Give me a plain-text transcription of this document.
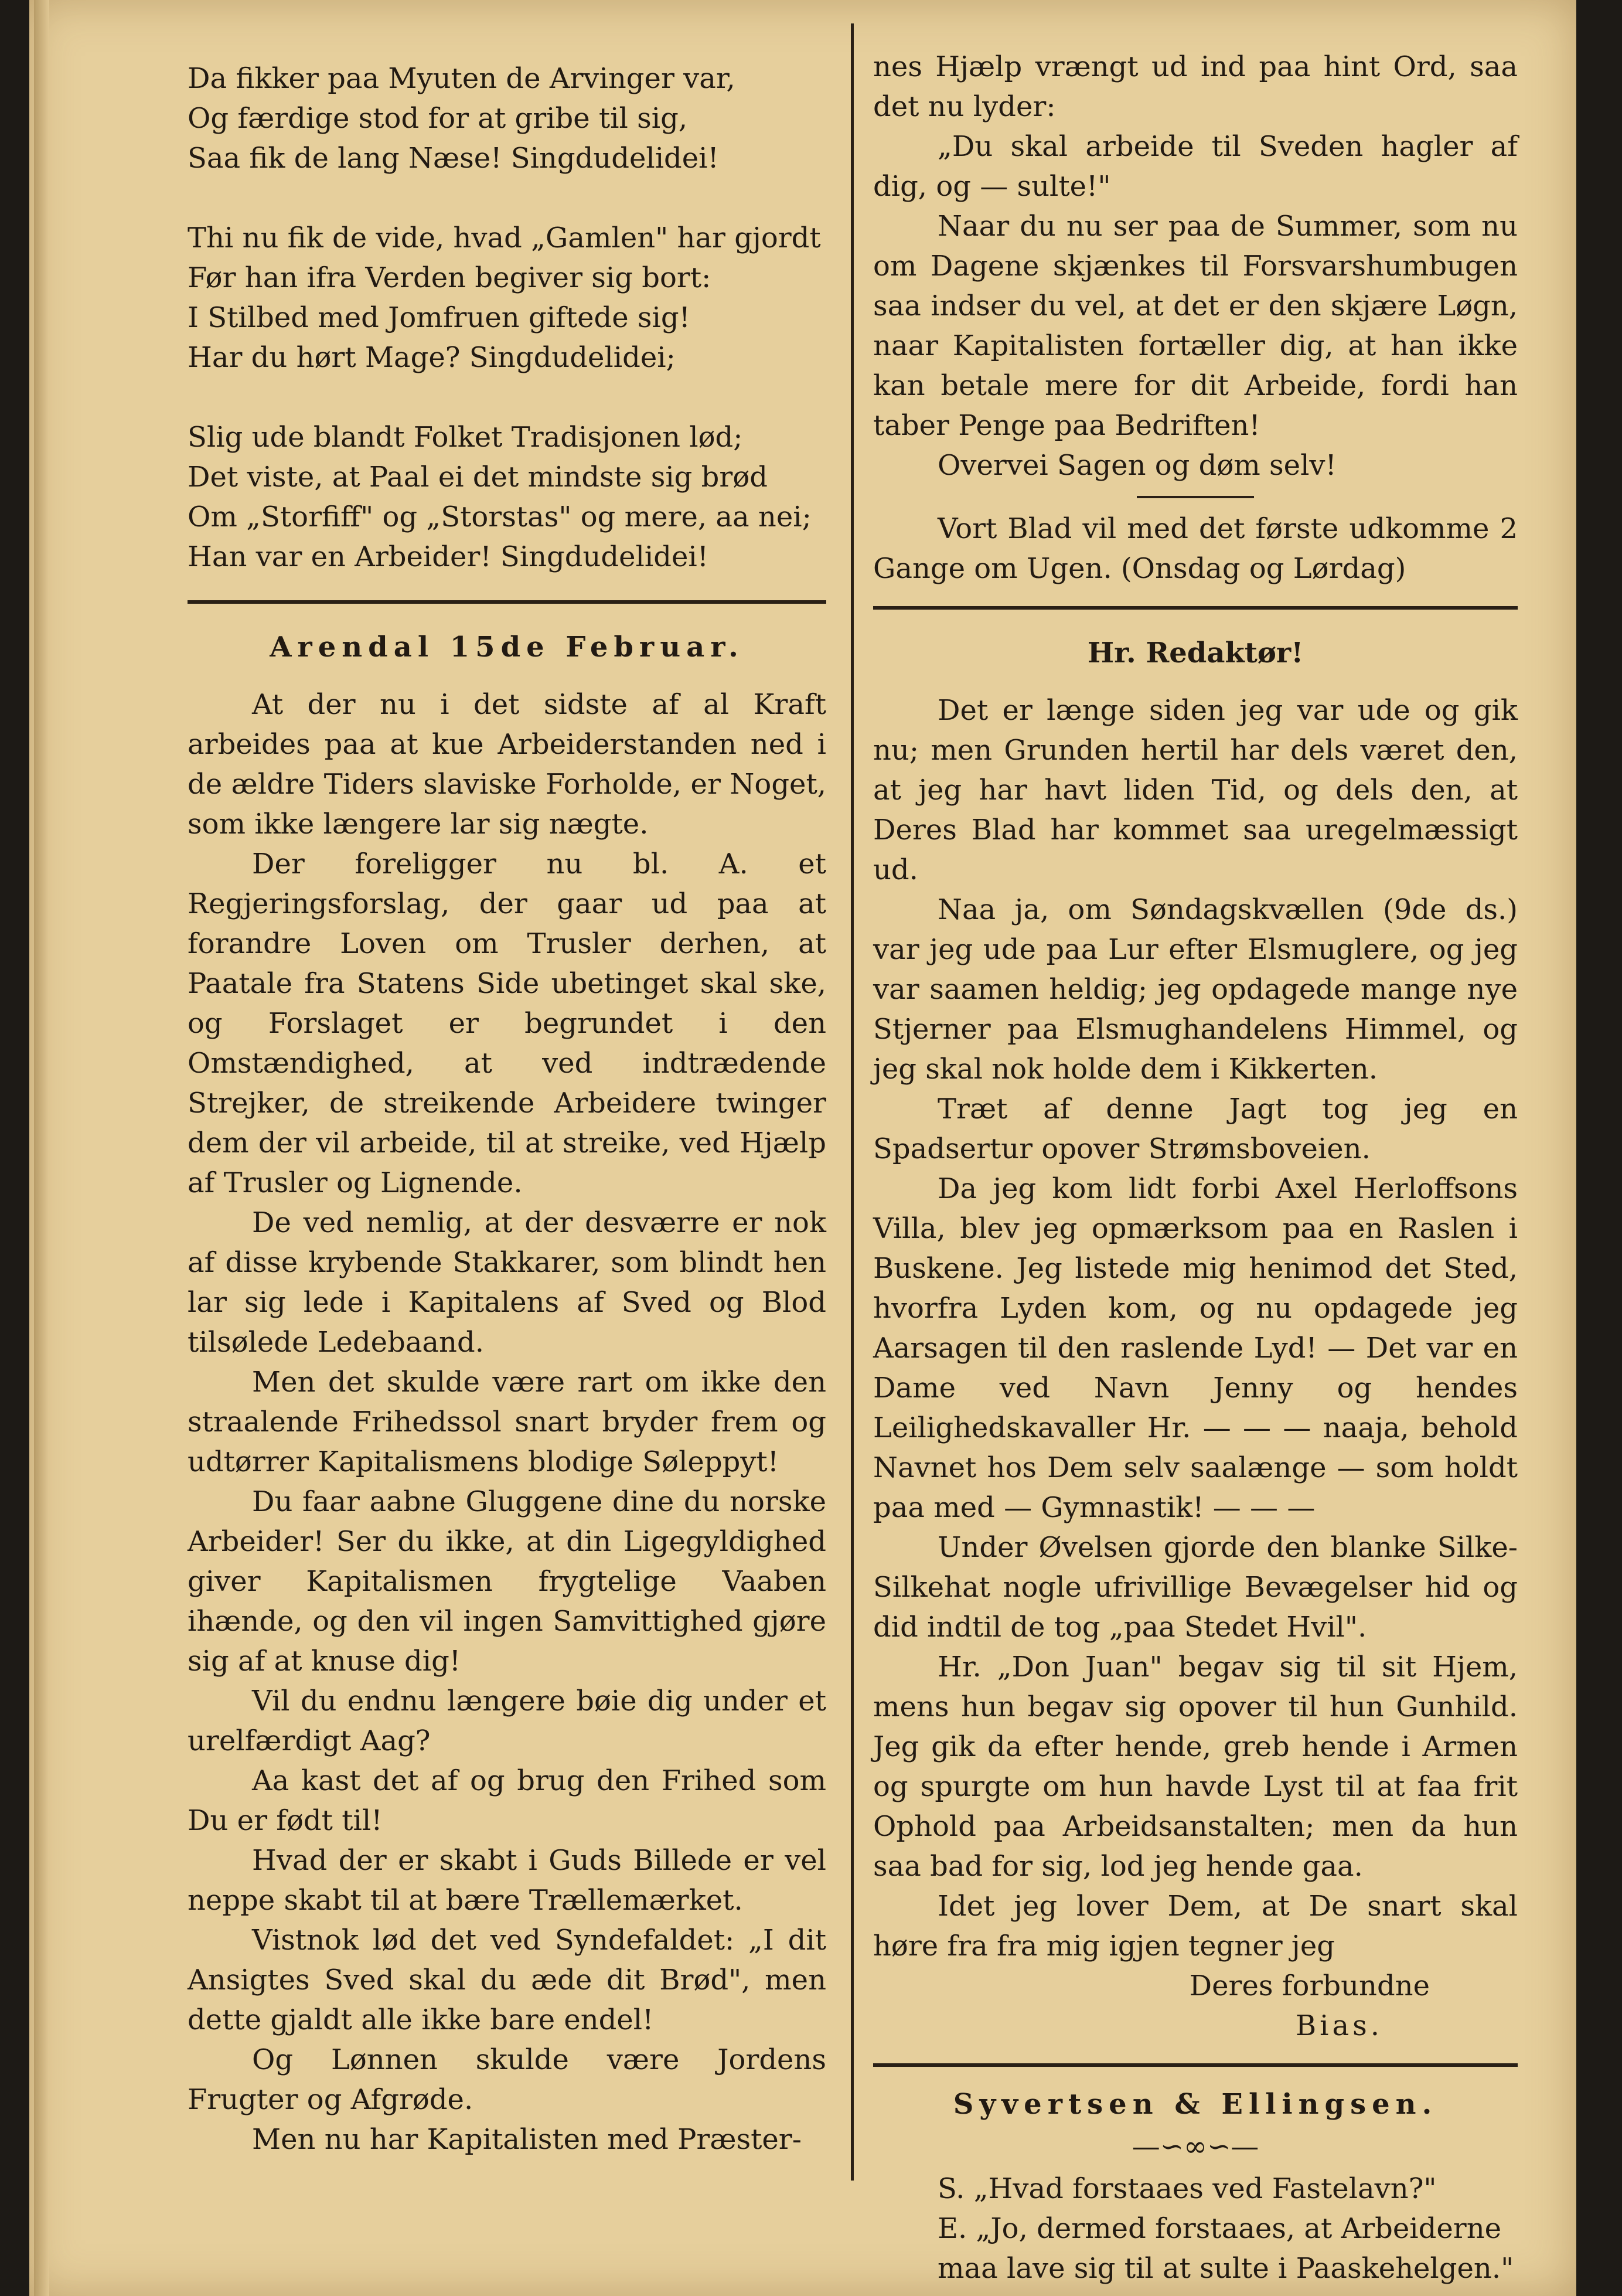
Da fikker paa Myuten de Arvinger var,

Og færdige stod for at gribe til sig,

Saa fik de lang Næse! Singdudelidei!

Thi nu fik de vide, hvad „Gamlen" har gjordt

Før han ifra Verden begiver sig bort:

I Stilbed med Jomfruen giftede sig!

Har du hørt Mage? Singdudelidei;

Slig ude blandt Folket Tradisjonen lød;

Det viste, at Paal ei det mindste sig brød

Om „Storfiff" og „Storstas" og mere, aa nei;

Han var en Arbeider! Singdudelidei!

Arendal 15de Februar.

At der nu i det sidste af al Kraft arbeides paa at kue Arbeiderstanden ned i de ældre Tiders slaviske Forholde, er Noget, som ikke længere lar sig nægte.

Der foreligger nu bl. A. et Regjeringsforslag, der gaar ud paa at forandre Loven om Trusler derhen, at Paatale fra Statens Side ubetinget skal ske, og Forslaget er begrundet i den Omstændighed, at ved indtrædende Strejker, de streikende Arbeidere twinger dem der vil arbeide, til at streike, ved Hjælp af Trusler og Lignende.

De ved nemlig, at der desværre er nok af disse krybende Stakkarer, som blindt hen lar sig lede i Kapitalens af Sved og Blod tilsølede Ledebaand.

Men det skulde være rart om ikke den straalende Frihedssol snart bryder frem og udtørrer Kapitalismens blodige Søleppyt!

Du faar aabne Gluggene dine du norske Arbeider! Ser du ikke, at din Ligegyldighed giver Kapitalismen frygtelige Vaaben ihænde, og den vil ingen Samvittighed gjøre sig af at knuse dig!

Vil du endnu længere bøie dig under et urelfærdigt Aag?

Aa kast det af og brug den Frihed som Du er født til!

Hvad der er skabt i Guds Billede er vel neppe skabt til at bære Trællemærket.

Vistnok lød det ved Syndefaldet: „I dit Ansigtes Sved skal du æde dit Brød", men dette gjaldt alle ikke bare endel!

Og Lønnen skulde være Jordens Frugter og Afgrøde.

Men nu har Kapitalisten med Præster-

nes Hjælp vrængt ud ind paa hint Ord, saa det nu lyder:

„Du skal arbeide til Sveden hagler af dig, og — sulte!"

Naar du nu ser paa de Summer, som nu om Dagene skjænkes til Forsvarshumbugen saa indser du vel, at det er den skjære Løgn, naar Kapitalisten fortæller dig, at han ikke kan betale mere for dit Arbeide, fordi han taber Penge paa Bedriften!

Overvei Sagen og døm selv!

Vort Blad vil med det første udkomme 2 Gange om Ugen. (Onsdag og Lørdag)

Hr. Redaktør!

Det er længe siden jeg var ude og gik nu; men Grunden hertil har dels været den, at jeg har havt liden Tid, og dels den, at Deres Blad har kommet saa uregelmæssigt ud.

Naa ja, om Søndagskvællen (9de ds.) var jeg ude paa Lur efter Elsmuglere, og jeg var saamen heldig; jeg opdagede mange nye Stjerner paa Elsmughandelens Himmel, og jeg skal nok holde dem i Kikkerten.

Træt af denne Jagt tog jeg en Spadsertur opover Strømsboveien.

Da jeg kom lidt forbi Axel Herloffsons Villa, blev jeg opmærksom paa en Raslen i Buskene. Jeg listede mig henimod det Sted, hvorfra Lyden kom, og nu opdagede jeg Aarsagen til den raslende Lyd! — Det var en Dame ved Navn Jenny og hendes Leilighedskavaller Hr. — — — naaja, behold Navnet hos Dem selv saalænge — som holdt paa med — Gymnastik! — — —

Under Øvelsen gjorde den blanke Silke-Silkehat nogle ufrivillige Bevægelser hid og did indtil de tog „paa Stedet Hvil".

Hr. „Don Juan" begav sig til sit Hjem, mens hun begav sig opover til hun Gunhild. Jeg gik da efter hende, greb hende i Armen og spurgte om hun havde Lyst til at faa frit Ophold paa Arbeidsanstalten; men da hun saa bad for sig, lod jeg hende gaa.

Idet jeg lover Dem, at De snart skal høre fra fra mig igjen tegner jeg

Deres forbundne

Bias.

Syvertsen & Ellingsen.
—∽∞∽—

S. „Hvad forstaaes ved Fastelavn?"

E. „Jo, dermed forstaaes, at Arbeiderne maa lave sig til at sulte i Paaskehelgen."
